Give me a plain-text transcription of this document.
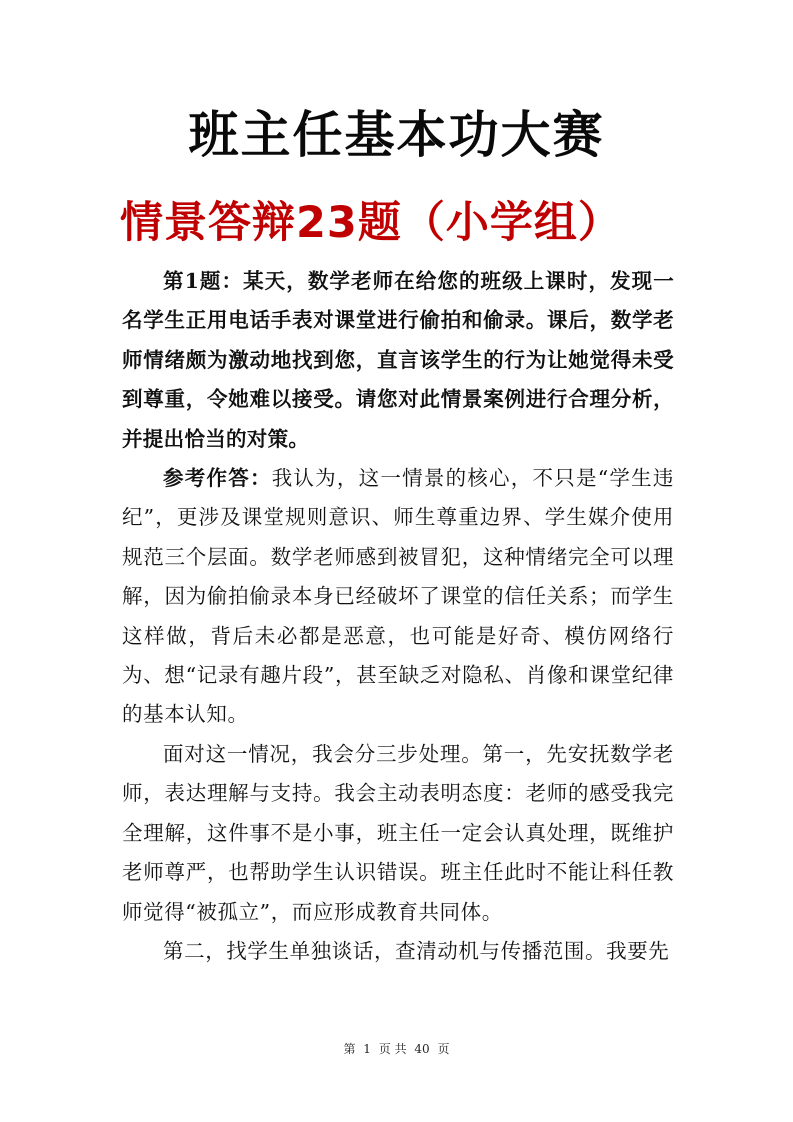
班主任基本功大赛
情景答辩23题（小学组）

第1题：某天，数学老师在给您的班级上课时，发现一名学生正用电话手表对课堂进行偷拍和偷录。课后，数学老师情绪颇为激动地找到您，直言该学生的行为让她觉得未受到尊重，令她难以接受。请您对此情景案例进行合理分析，并提出恰当的对策。

参考作答：我认为，这一情景的核心，不只是“学生违纪”，更涉及课堂规则意识、师生尊重边界、学生媒介使用规范三个层面。数学老师感到被冒犯，这种情绪完全可以理解，因为偷拍偷录本身已经破坏了课堂的信任关系；而学生这样做，背后未必都是恶意，也可能是好奇、模仿网络行为、想“记录有趣片段”，甚至缺乏对隐私、肖像和课堂纪律的基本认知。

面对这一情况，我会分三步处理。第一，先安抚数学老师，表达理解与支持。我会主动表明态度：老师的感受我完全理解，这件事不是小事，班主任一定会认真处理，既维护老师尊严，也帮助学生认识错误。班主任此时不能让科任教师觉得“被孤立”，而应形成教育共同体。

第二，找学生单独谈话，查清动机与传播范围。我要先

第 1 页 共 40 页
